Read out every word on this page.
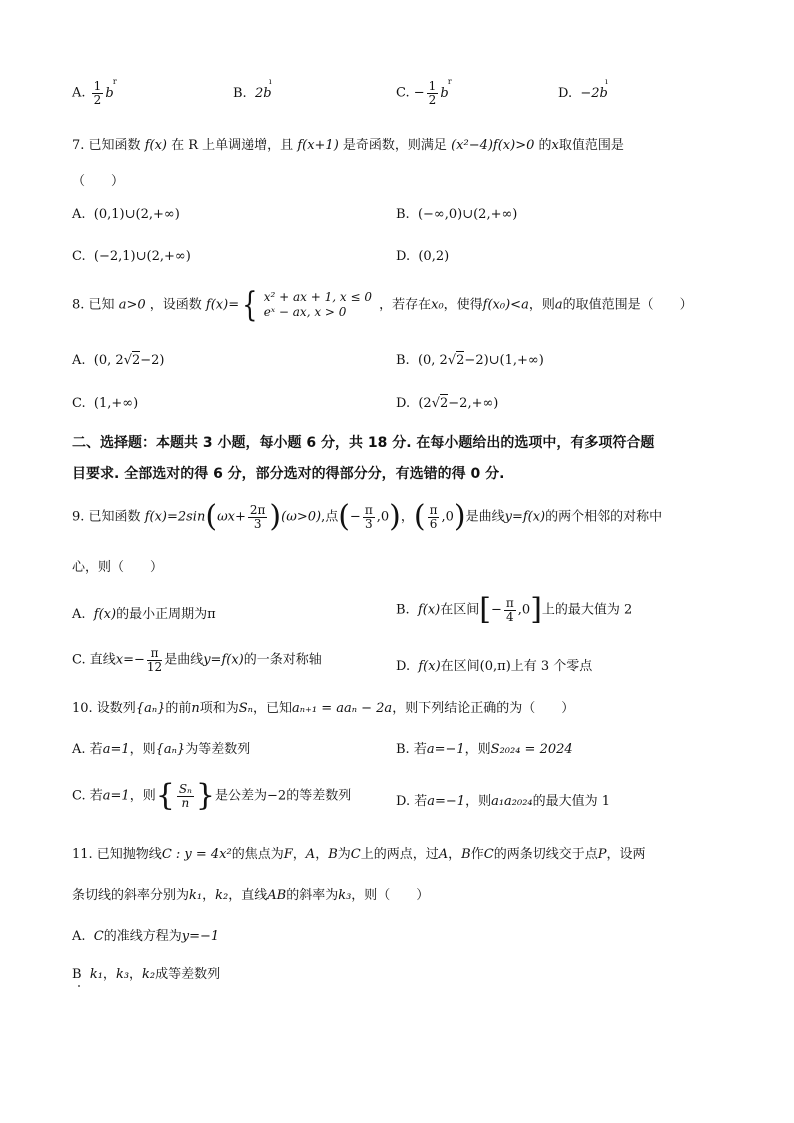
A. $\frac{1}{2}$ r b	B. ı 2b	C. − $\frac{1}{2}$ r b	D. ı −2b
7. 已知函数 f(x) 在 R 上单调递增，且 f(x+1) 是奇函数，则满足 (x²−4)f(x)>0 的x取值范围是
（　　）
A. (0,1)∪(2,+∞)	B. (−∞,0)∪(2,+∞)
C. (−2,1)∪(2,+∞)	D. (0,2)
8. 已知 a>0 ，设函数 f(x)={ x² + ax + 1, x ≤ 0
eˣ − ax, x > 0	，若存在x₀，使得f(x₀)<a，则a的取值范围是（　　）
A. (0, 2√2−2)	B. (0, 2√2−2)∪(1,+∞)
C. (1,+∞)	D. (2√2−2,+∞)
二、选择题：本题共 3 小题，每小题 6 分，共 18 分. 在每小题给出的选项中，有多项符合题
目要求. 全部选对的得 6 分，部分选对的得部分分，有选错的得 0 分.
9. 已知函数 $f(x)=2\sin(\omega x+ \frac{2\pi}{3} )(\omega>0)$,点(− $\frac{\pi}{3} ,0$)，( $\frac{\pi}{6} ,0$)是曲线y=f(x)的两个相邻的对称中
心，则（　　）
A. f(x)的最小正周期为π	B. f(x)在区间[− $\frac{\pi}{4} ,0$]上的最大值为 2
C. 直线$x=- \frac{\pi}{12}$ 是曲线y=f(x)的一条对称轴	D. f(x)在区间(0,π)上有 3 个零点
10. 设数列{aₙ}的前n项和为Sₙ，已知aₙ₊₁ = aaₙ − 2a，则下列结论正确的为（　　）
A. 若a=1，则{aₙ}为等差数列	B. 若a=−1，则S₂₀₂₄ = 2024
C. 若a=1，则{ $\frac{\text{Sₙ}}{n}$ }是公差为−2的等差数列	D. 若a=−1，则a₁a₂₀₂₄的最大值为 1
11. 已知抛物线C : y = 4x²的焦点为F，A，B为C上的两点，过A，B作C的两条切线交于点P，设两
条切线的斜率分别为k₁，k₂，直线AB的斜率为k₃，则（　　）
A. C的准线方程为y=−1
B k₁，k₃，k₂成等差数列
